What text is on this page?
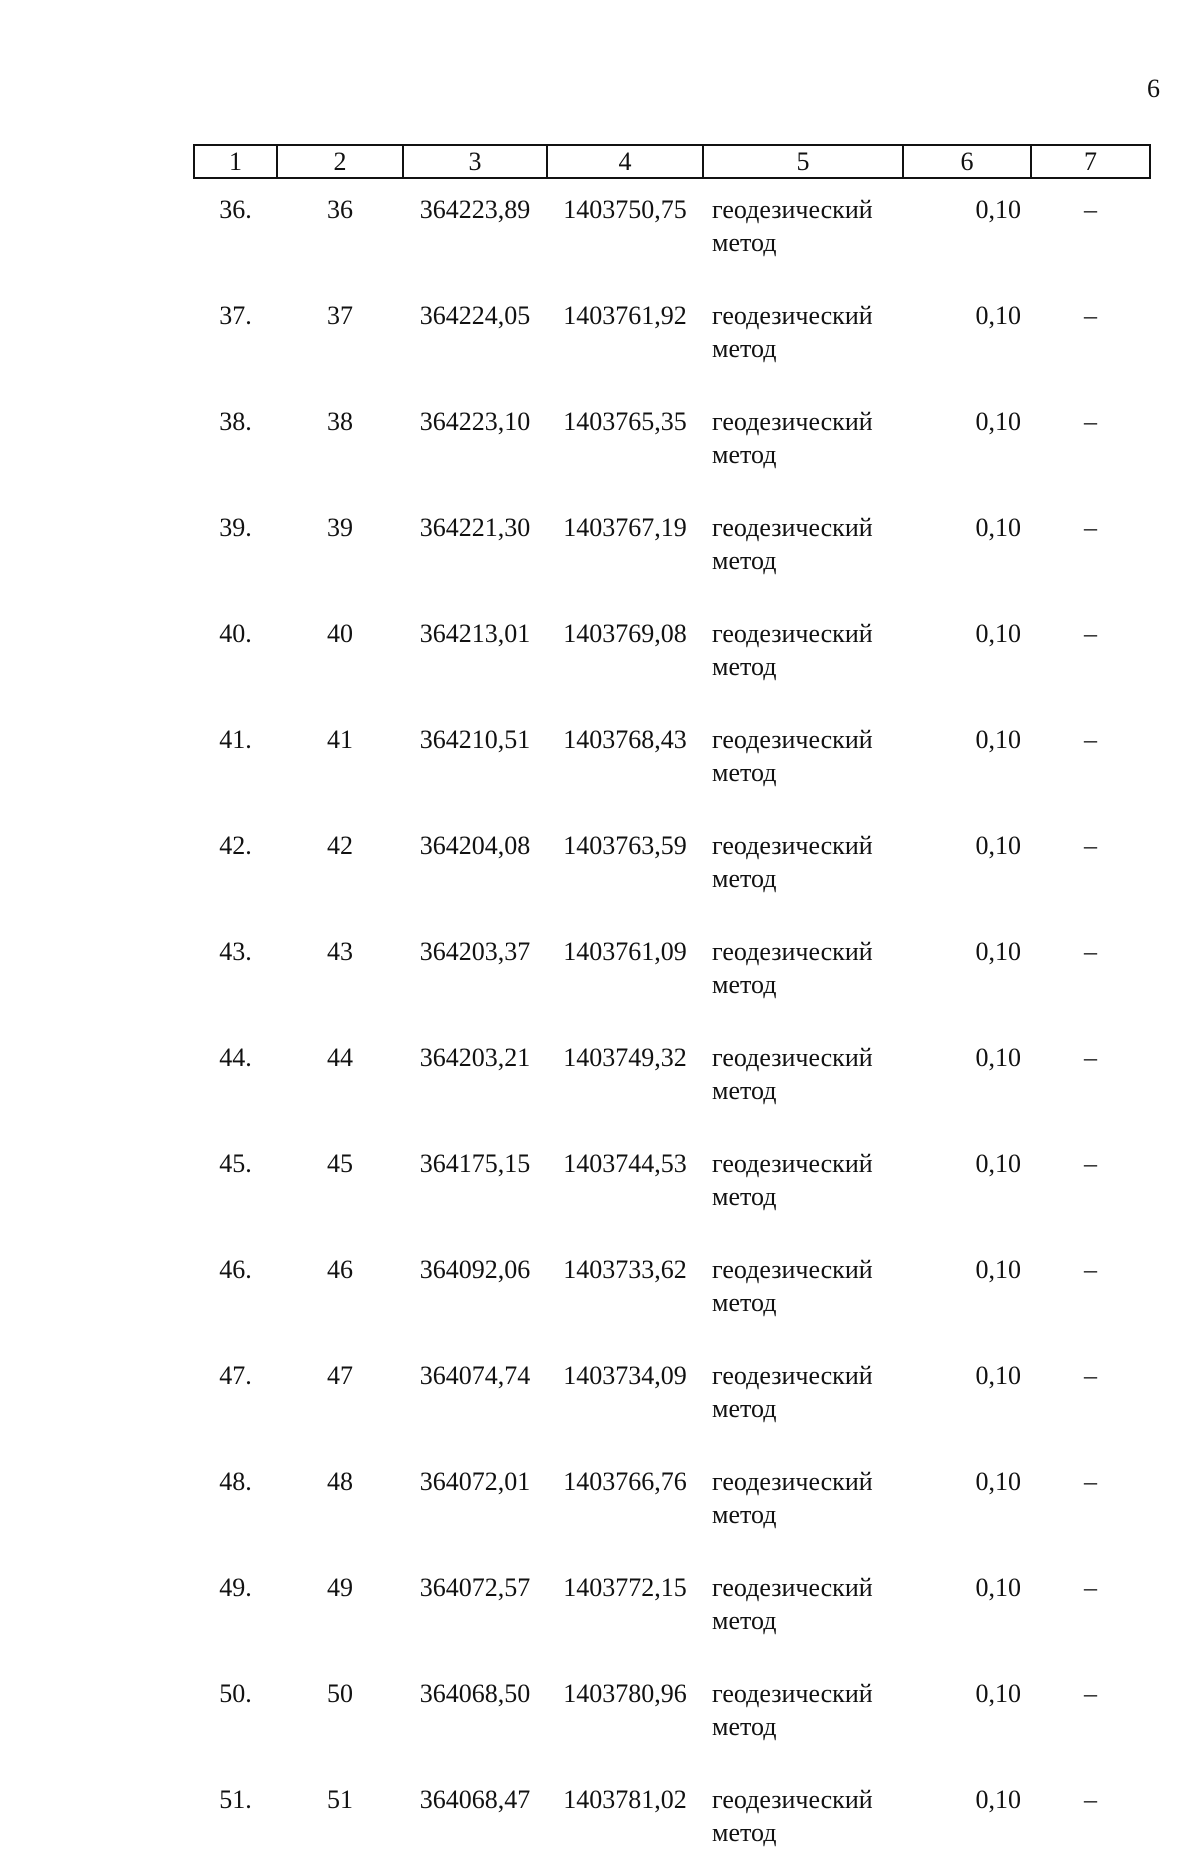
6
1	2	3	4	5	6	7
36.	36	364223,89	1403750,75	геодезический
метод	0,10	–
37.	37	364224,05	1403761,92	геодезический
метод	0,10	–
38.	38	364223,10	1403765,35	геодезический
метод	0,10	–
39.	39	364221,30	1403767,19	геодезический
метод	0,10	–
40.	40	364213,01	1403769,08	геодезический
метод	0,10	–
41.	41	364210,51	1403768,43	геодезический
метод	0,10	–
42.	42	364204,08	1403763,59	геодезический
метод	0,10	–
43.	43	364203,37	1403761,09	геодезический
метод	0,10	–
44.	44	364203,21	1403749,32	геодезический
метод	0,10	–
45.	45	364175,15	1403744,53	геодезический
метод	0,10	–
46.	46	364092,06	1403733,62	геодезический
метод	0,10	–
47.	47	364074,74	1403734,09	геодезический
метод	0,10	–
48.	48	364072,01	1403766,76	геодезический
метод	0,10	–
49.	49	364072,57	1403772,15	геодезический
метод	0,10	–
50.	50	364068,50	1403780,96	геодезический
метод	0,10	–
51.	51	364068,47	1403781,02	геодезический
метод	0,10	–
